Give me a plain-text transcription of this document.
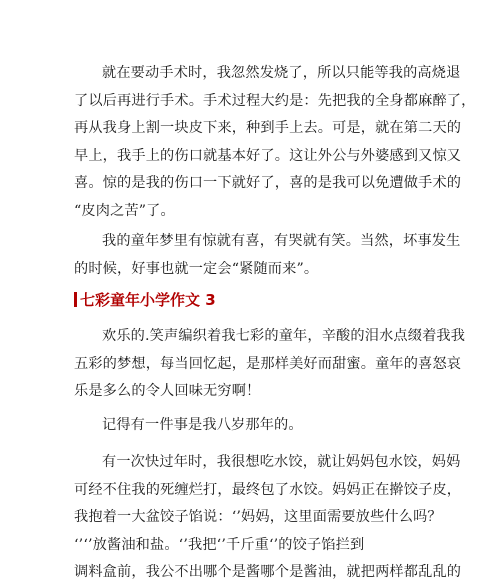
就在要动手术时，我忽然发烧了，所以只能等我的高烧退
了以后再进行手术。手术过程大约是：先把我的全身都麻醉了，
再从我身上割一块皮下来，种到手上去。可是，就在第二天的
早上，我手上的伤口就基本好了。这让外公与外婆感到又惊又
喜。惊的是我的伤口一下就好了，喜的是我可以免遭做手术的
“皮肉之苦”了。

我的童年梦里有惊就有喜，有哭就有笑。当然，坏事发生
的时候，好事也就一定会“紧随而来”。

七彩童年小学作文 3

欢乐的.笑声编织着我七彩的童年，辛酸的泪水点缀着我我
五彩的梦想，每当回忆起，是那样美好而甜蜜。童年的喜怒哀
乐是多么的令人回味无穷啊！

记得有一件事是我八岁那年的。

有一次快过年时，我很想吃水饺，就让妈妈包水饺，妈妈
可经不住我的死缠烂打，最终包了水饺。妈妈正在擀饺子皮，
我抱着一大盆饺子馅说：‘’妈妈，这里面需要放些什么吗？
‘’‘’放酱油和盐。‘’我把‘’千斤重‘’的饺子馅拦到
调料盒前，我公不出哪个是酱哪个是酱油，就把两样都乱乱的
